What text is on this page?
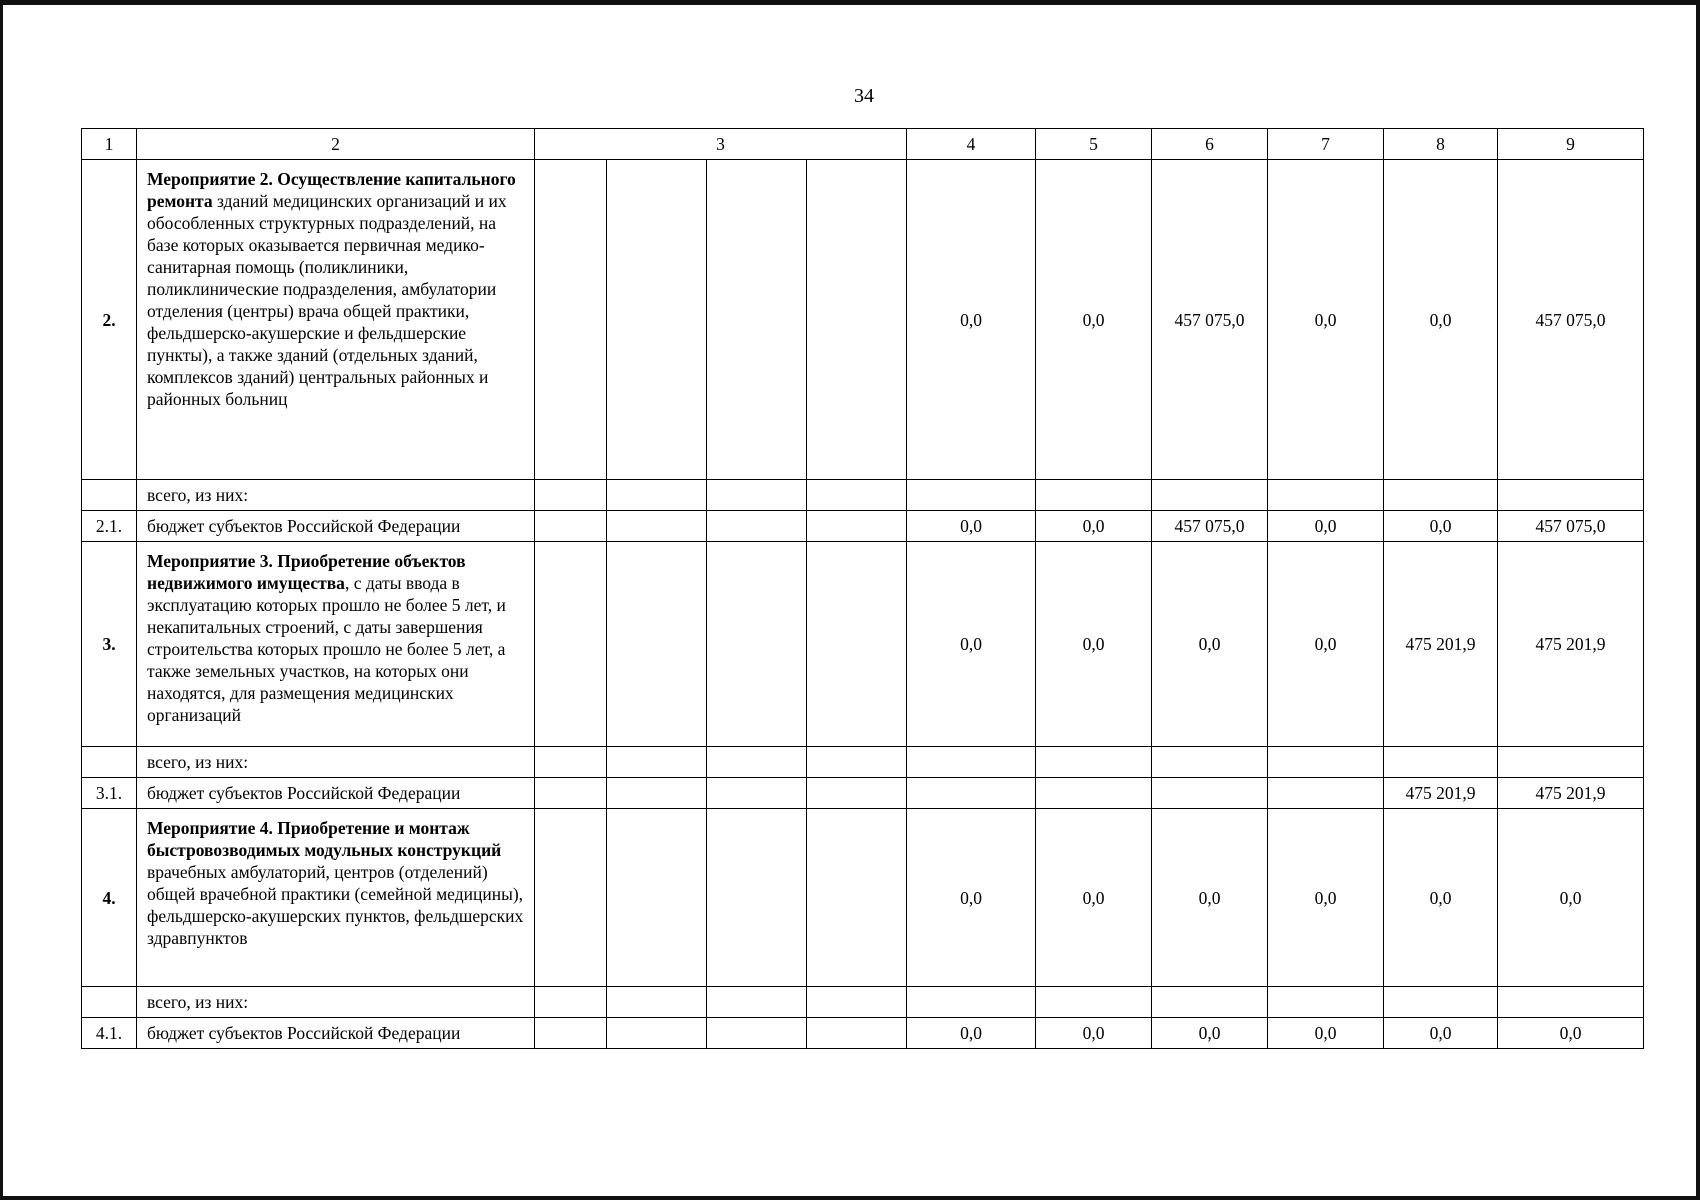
34
1	2	3				4	5	6	7	8	9
2.	Мероприятие 2. Осуществление капитального ремонта зданий медицинских организаций и их обособленных структурных подразделений, на базе которых оказывается первичная медико-санитарная помощь (поликлиники, поликлинические подразделения, амбулатории отделения (центры) врача общей практики, фельдшерско-акушерские и фельдшерские пункты), а также зданий (отдельных зданий, комплексов зданий) центральных районных и районных больниц					0,0	0,0	457 075,0	0,0	0,0	457 075,0
	всего, из них:										
2.1.	бюджет субъектов Российской Федерации					0,0	0,0	457 075,0	0,0	0,0	457 075,0
3.	Мероприятие 3. Приобретение объектов недвижимого имущества, с даты ввода в эксплуатацию которых прошло не более 5 лет, и некапитальных строений, с даты завершения строительства которых прошло не более 5 лет, а также земельных участков, на которых они находятся, для размещения медицинских организаций					0,0	0,0	0,0	0,0	475 201,9	475 201,9
	всего, из них:										
3.1.	бюджет субъектов Российской Федерации									475 201,9	475 201,9
4.	Мероприятие 4. Приобретение и монтаж быстровозводимых модульных конструкций врачебных амбулаторий, центров (отделений) общей врачебной практики (семейной медицины), фельдшерско-акушерских пунктов, фельдшерских здравпунктов					0,0	0,0	0,0	0,0	0,0	0,0
	всего, из них:										
4.1.	бюджет субъектов Российской Федерации					0,0	0,0	0,0	0,0	0,0	0,0
